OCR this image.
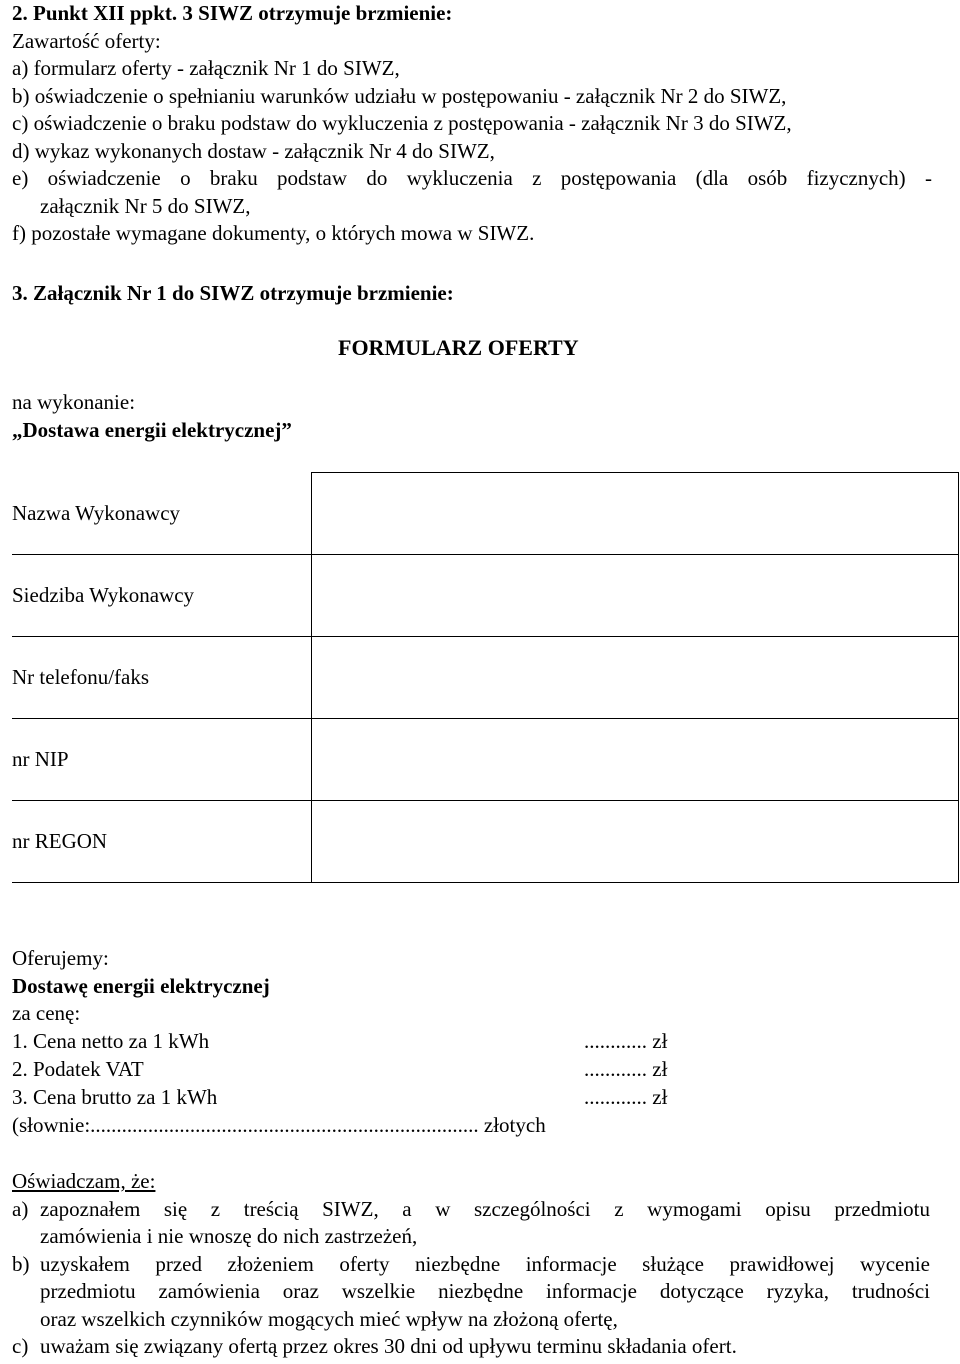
2. Punkt XII ppkt. 3 SIWZ otrzymuje brzmienie:
Zawartość oferty:
a) formularz oferty - załącznik Nr 1 do SIWZ,
b) oświadczenie o spełnianiu warunków udziału w postępowaniu - załącznik Nr 2 do SIWZ,
c) oświadczenie o braku podstaw do wykluczenia z postępowania - załącznik Nr 3 do SIWZ,
d) wykaz wykonanych dostaw - załącznik Nr 4 do SIWZ,
e) oświadczenie o braku podstaw do wykluczenia z postępowania (dla osób fizycznych) -
załącznik Nr 5 do SIWZ,
f) pozostałe wymagane dokumenty, o których mowa w SIWZ.
3. Załącznik Nr 1 do SIWZ otrzymuje brzmienie:
FORMULARZ OFERTY
na wykonanie:
„Dostawa energii elektrycznej”
Nazwa Wykonawcy	
Siedziba Wykonawcy	
Nr telefonu/faks	
nr NIP	
nr REGON	
Oferujemy:
Dostawę energii elektrycznej
za cenę:
1. Cena netto za 1 kWh	............ zł
2. Podatek VAT	............ zł
3. Cena brutto za 1 kWh	............ zł
(słownie:.......................................................................... złotych
Oświadczam, że:
a) zapoznałem się z treścią SIWZ, a w szczególności z wymogami opisu przedmiotu
zamówienia i nie wnoszę do nich zastrzeżeń,
b) uzyskałem przed złożeniem oferty niezbędne informacje służące prawidłowej wycenie
przedmiotu zamówienia oraz wszelkie niezbędne informacje dotyczące ryzyka, trudności
oraz wszelkich czynników mogących mieć wpływ na złożoną ofertę,
c) uważam się związany ofertą przez okres 30 dni od upływu terminu składania ofert.
